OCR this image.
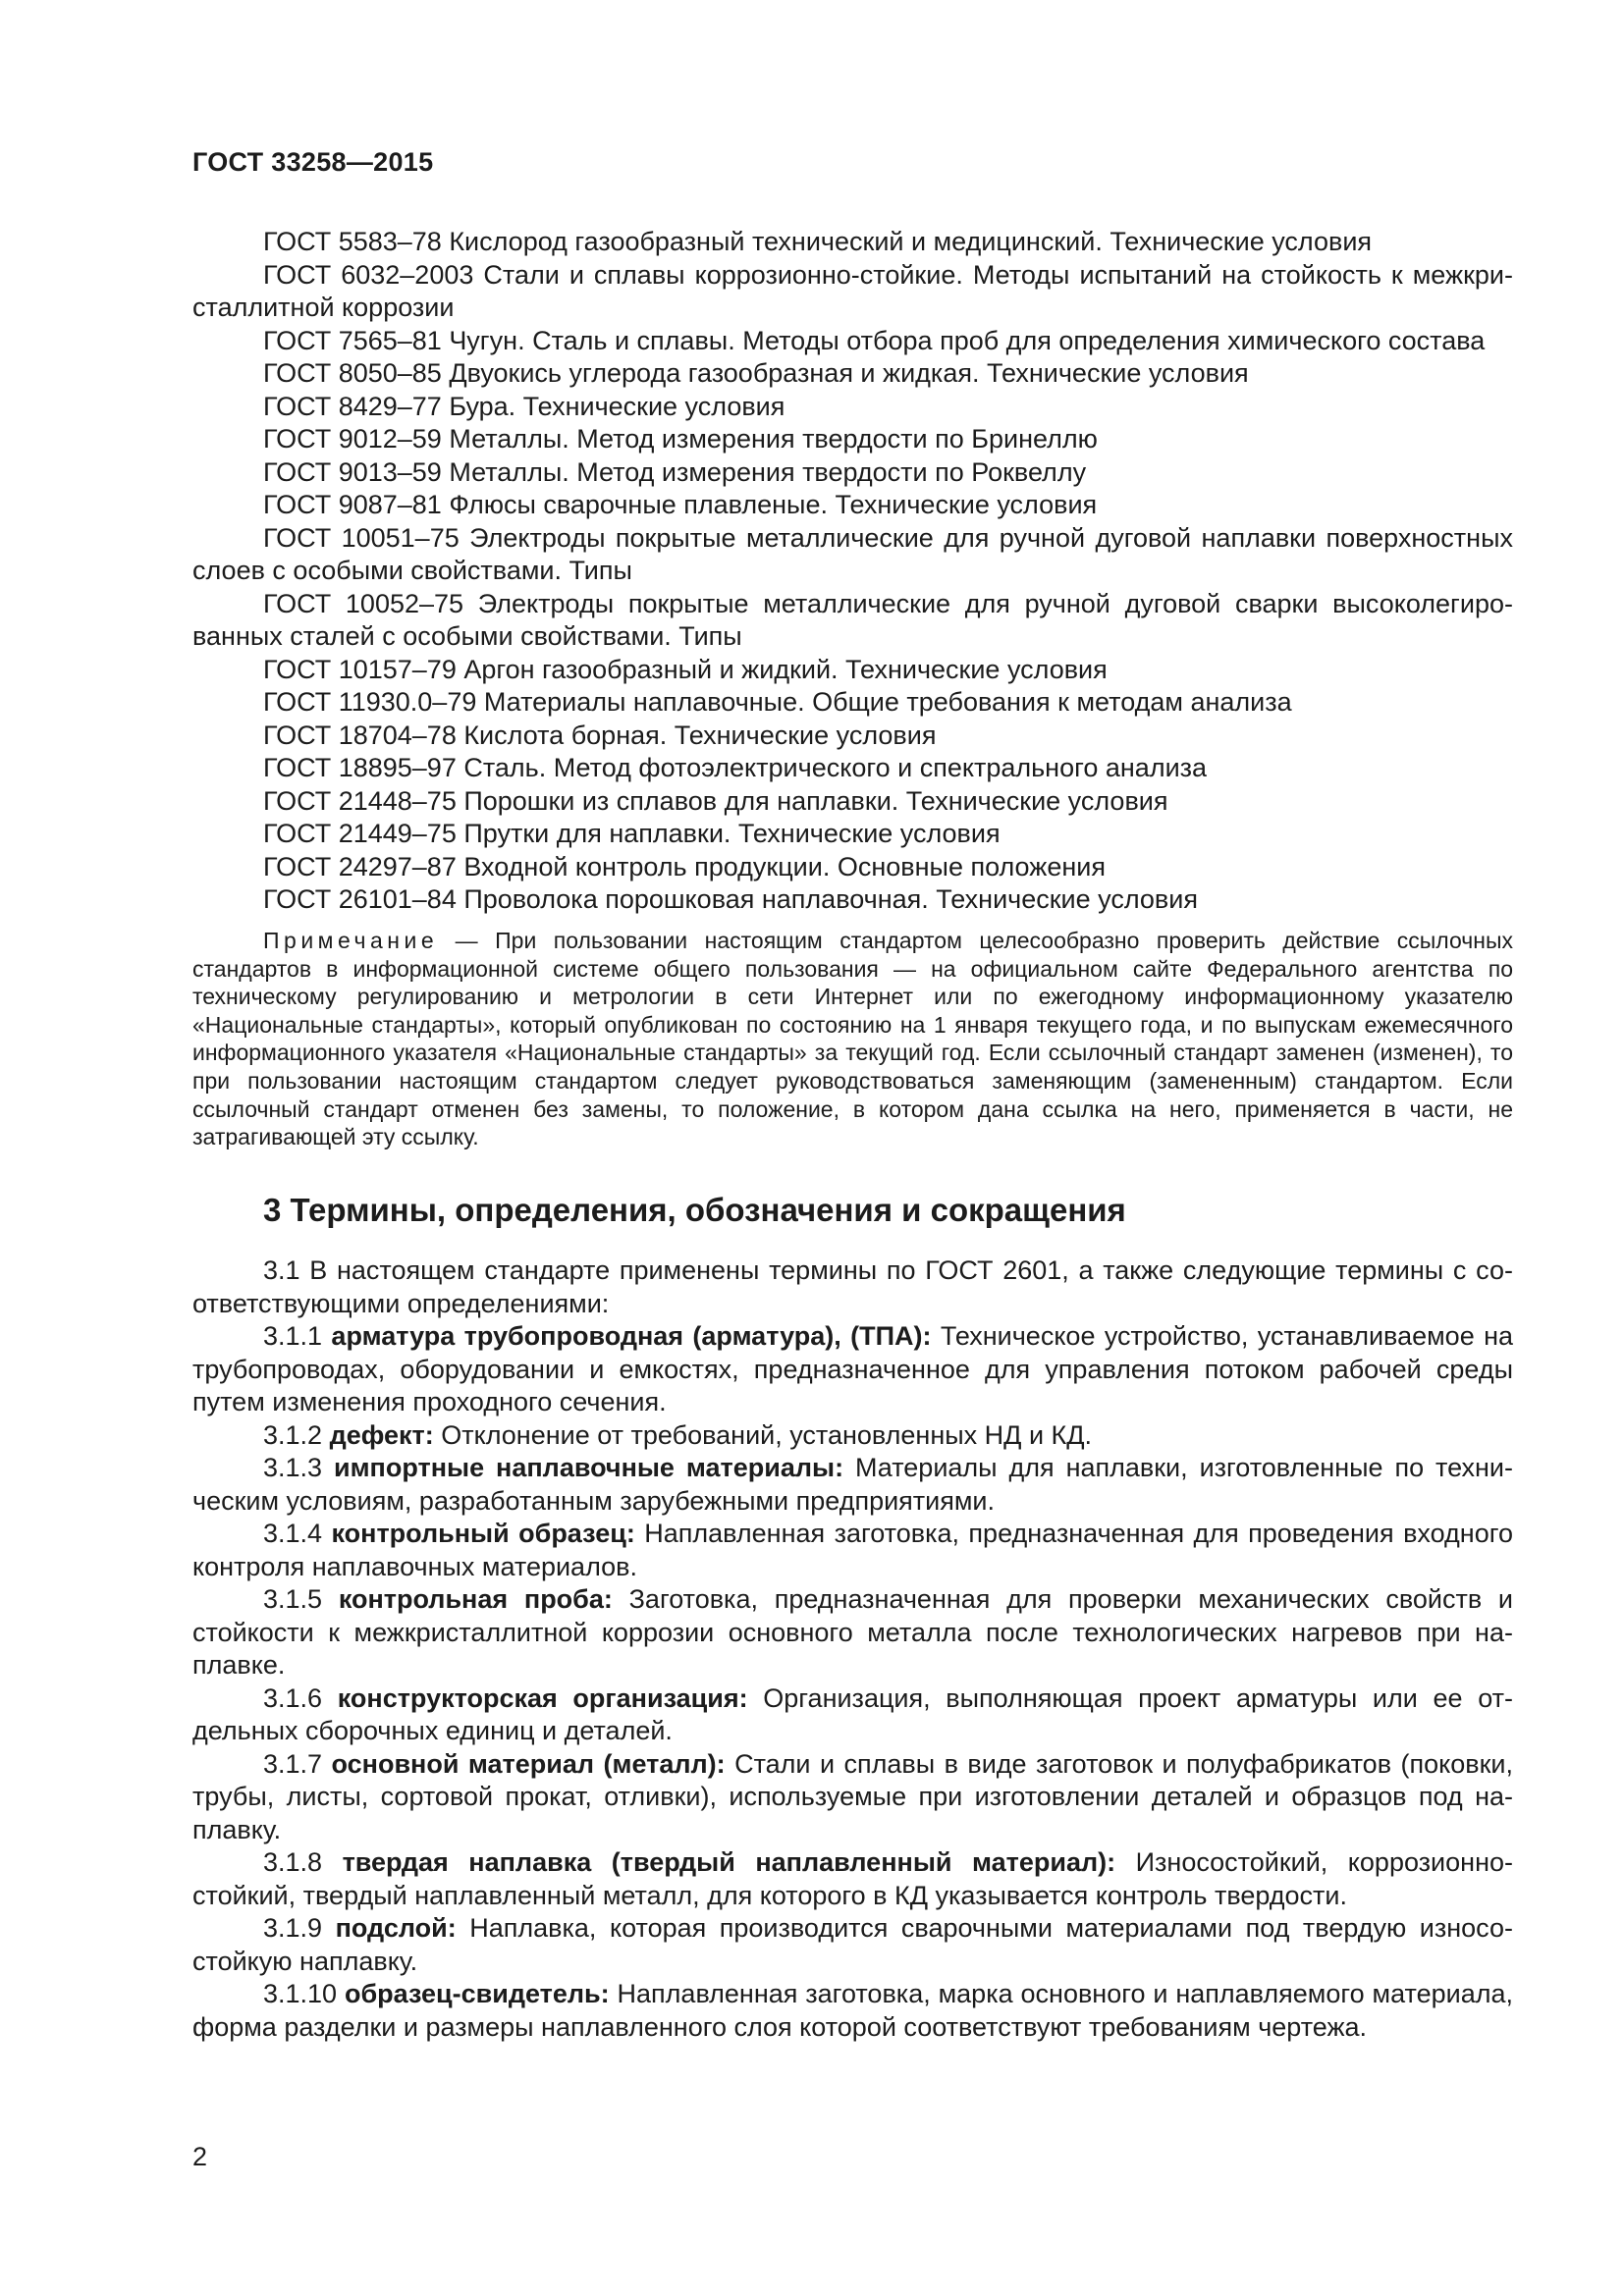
ГОСТ 33258—2015

ГОСТ 5583–78 Кислород газообразный технический и медицинский. Технические условия

ГОСТ 6032–2003 Стали и сплавы коррозионно-стойкие. Методы испытаний на стойкость к межкристаллитной коррозии

ГОСТ 7565–81 Чугун. Сталь и сплавы. Методы отбора проб для определения химического состава

ГОСТ 8050–85 Двуокись углерода газообразная и жидкая. Технические условия

ГОСТ 8429–77 Бура. Технические условия

ГОСТ 9012–59 Металлы. Метод измерения твердости по Бринеллю

ГОСТ 9013–59 Металлы. Метод измерения твердости по Роквеллу

ГОСТ 9087–81 Флюсы сварочные плавленые. Технические условия

ГОСТ 10051–75 Электроды покрытые металлические для ручной дуговой наплавки поверхностных слоев с особыми свойствами. Типы

ГОСТ 10052–75 Электроды покрытые металлические для ручной дуговой сварки высоколегированных сталей с особыми свойствами. Типы

ГОСТ 10157–79 Аргон газообразный и жидкий. Технические условия

ГОСТ 11930.0–79 Материалы наплавочные. Общие требования к методам анализа

ГОСТ 18704–78 Кислота борная. Технические условия

ГОСТ 18895–97 Сталь. Метод фотоэлектрического и спектрального анализа

ГОСТ 21448–75 Порошки из сплавов для наплавки. Технические условия

ГОСТ 21449–75 Прутки для наплавки. Технические условия

ГОСТ 24297–87 Входной контроль продукции. Основные положения

ГОСТ 26101–84 Проволока порошковая наплавочная. Технические условия

Примечание — При пользовании настоящим стандартом целесообразно проверить действие ссылочных стандартов в информационной системе общего пользования — на официальном сайте Федерального агентства по техническому регулированию и метрологии в сети Интернет или по ежегодному информационному указателю «Национальные стандарты», который опубликован по состоянию на 1 января текущего года, и по выпускам ежемесячного информационного указателя «Национальные стандарты» за текущий год. Если ссылочный стандарт заменен (изменен), то при пользовании настоящим стандартом следует руководствоваться заменяющим (замененным) стандартом. Если ссылочный стандарт отменен без замены, то положение, в котором дана ссылка на него, применяется в части, не затрагивающей эту ссылку.

3 Термины, определения, обозначения и сокращения

3.1 В настоящем стандарте применены термины по ГОСТ 2601, а также следующие термины с соответствующими определениями:

3.1.1 арматура трубопроводная (арматура), (ТПА): Техническое устройство, устанавливаемое на трубопроводах, оборудовании и емкостях, предназначенное для управления потоком рабочей среды путем изменения проходного сечения.

3.1.2 дефект: Отклонение от требований, установленных НД и КД.

3.1.3 импортные наплавочные материалы: Материалы для наплавки, изготовленные по техническим условиям, разработанным зарубежными предприятиями.

3.1.4 контрольный образец: Наплавленная заготовка, предназначенная для проведения входного контроля наплавочных материалов.

3.1.5 контрольная проба: Заготовка, предназначенная для проверки механических свойств и стойкости к межкристаллитной коррозии основного металла после технологических нагревов при наплавке.

3.1.6 конструкторская организация: Организация, выполняющая проект арматуры или ее отдельных сборочных единиц и деталей.

3.1.7 основной материал (металл): Стали и сплавы в виде заготовок и полуфабрикатов (поковки, трубы, листы, сортовой прокат, отливки), используемые при изготовлении деталей и образцов под наплавку.

3.1.8 твердая наплавка (твердый наплавленный материал): Износостойкий, коррозионностойкий, твердый наплавленный металл, для которого в КД указывается контроль твердости.

3.1.9 подслой: Наплавка, которая производится сварочными материалами под твердую износостойкую наплавку.

3.1.10 образец-свидетель: Наплавленная заготовка, марка основного и наплавляемого материала, форма разделки и размеры наплавленного слоя которой соответствуют требованиям чертежа.

2
